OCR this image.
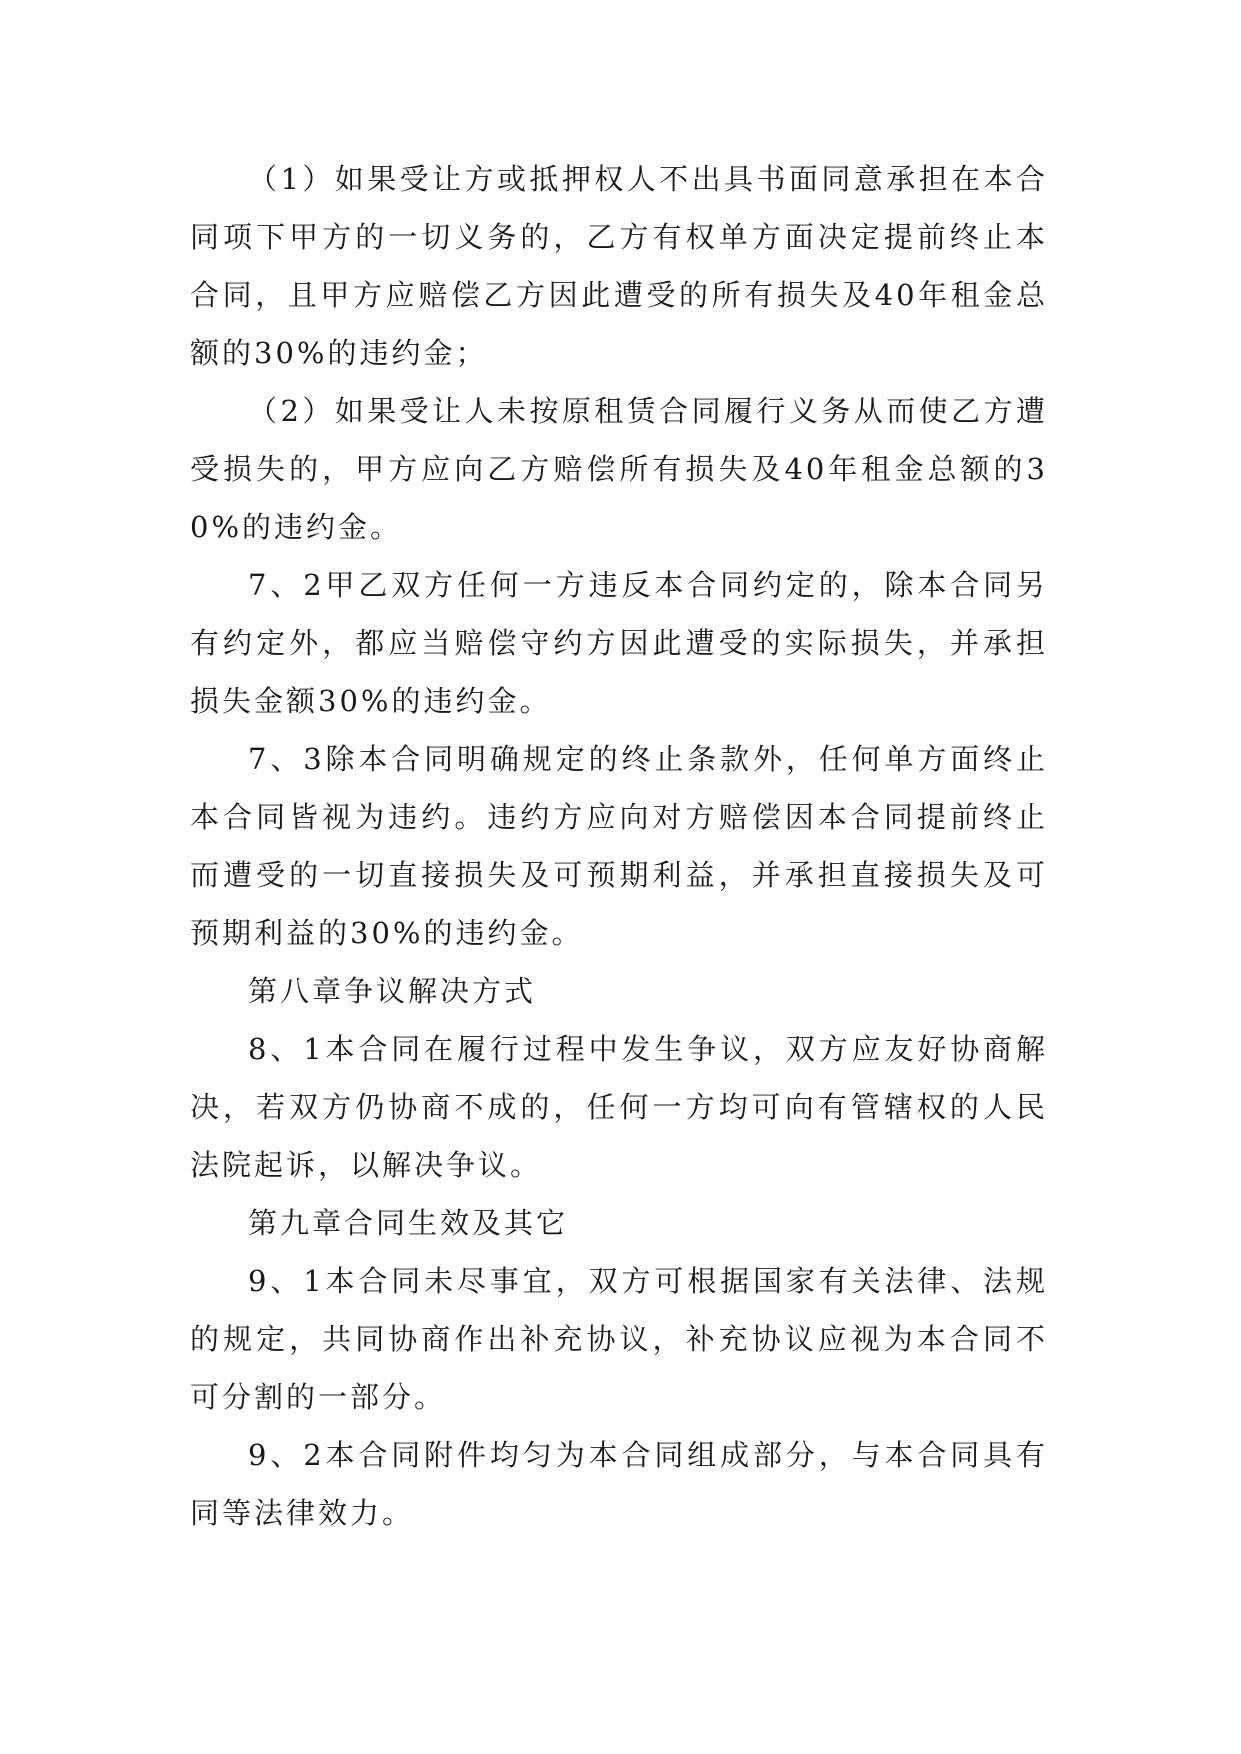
（1）如果受让方或抵押权人不出具书面同意承担在本合同项下甲方的一切义务的，乙方有权单方面决定提前终止本合同，且甲方应赔偿乙方因此遭受的所有损失及40年租金总额的30%的违约金；

（2）如果受让人未按原租赁合同履行义务从而使乙方遭受损失的，甲方应向乙方赔偿所有损失及40年租金总额的30%的违约金。

7、2甲乙双方任何一方违反本合同约定的，除本合同另有约定外，都应当赔偿守约方因此遭受的实际损失，并承担损失金额30%的违约金。

7、3除本合同明确规定的终止条款外，任何单方面终止本合同皆视为违约。违约方应向对方赔偿因本合同提前终止而遭受的一切直接损失及可预期利益，并承担直接损失及可预期利益的30%的违约金。

第八章争议解决方式

8、1本合同在履行过程中发生争议，双方应友好协商解决，若双方仍协商不成的，任何一方均可向有管辖权的人民法院起诉，以解决争议。

第九章合同生效及其它

9、1本合同未尽事宜，双方可根据国家有关法律、法规的规定，共同协商作出补充协议，补充协议应视为本合同不可分割的一部分。

9、2本合同附件均匀为本合同组成部分，与本合同具有同等法律效力。
